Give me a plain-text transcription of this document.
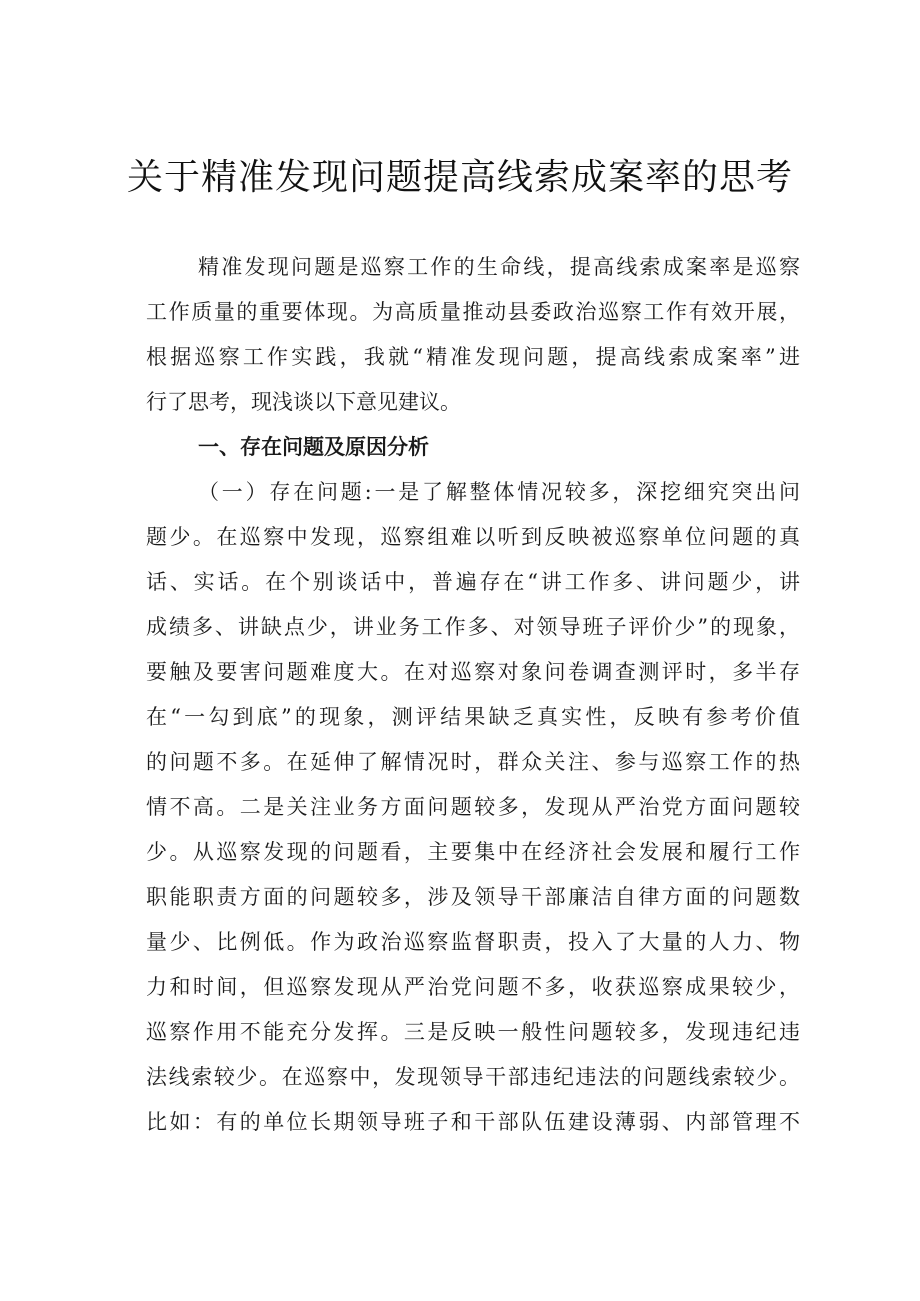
关于精准发现问题提高线索成案率的思考
精准发现问题是巡察工作的生命线，提高线索成案率是巡察
工作质量的重要体现。为高质量推动县委政治巡察工作有效开展，
根据巡察工作实践，我就“精准发现问题，提高线索成案率”进
行了思考，现浅谈以下意见建议。
一、存在问题及原因分析
（一）存在问题:一是了解整体情况较多，深挖细究突出问
题少。在巡察中发现，巡察组难以听到反映被巡察单位问题的真
话、实话。在个别谈话中，普遍存在“讲工作多、讲问题少，讲
成绩多、讲缺点少，讲业务工作多、对领导班子评价少”的现象，
要触及要害问题难度大。在对巡察对象问卷调查测评时，多半存
在“一勾到底”的现象，测评结果缺乏真实性，反映有参考价值
的问题不多。在延伸了解情况时，群众关注、参与巡察工作的热
情不高。二是关注业务方面问题较多，发现从严治党方面问题较
少。从巡察发现的问题看，主要集中在经济社会发展和履行工作
职能职责方面的问题较多，涉及领导干部廉洁自律方面的问题数
量少、比例低。作为政治巡察监督职责，投入了大量的人力、物
力和时间，但巡察发现从严治党问题不多，收获巡察成果较少，
巡察作用不能充分发挥。三是反映一般性问题较多，发现违纪违
法线索较少。在巡察中，发现领导干部违纪违法的问题线索较少。
比如：有的单位长期领导班子和干部队伍建设薄弱、内部管理不
